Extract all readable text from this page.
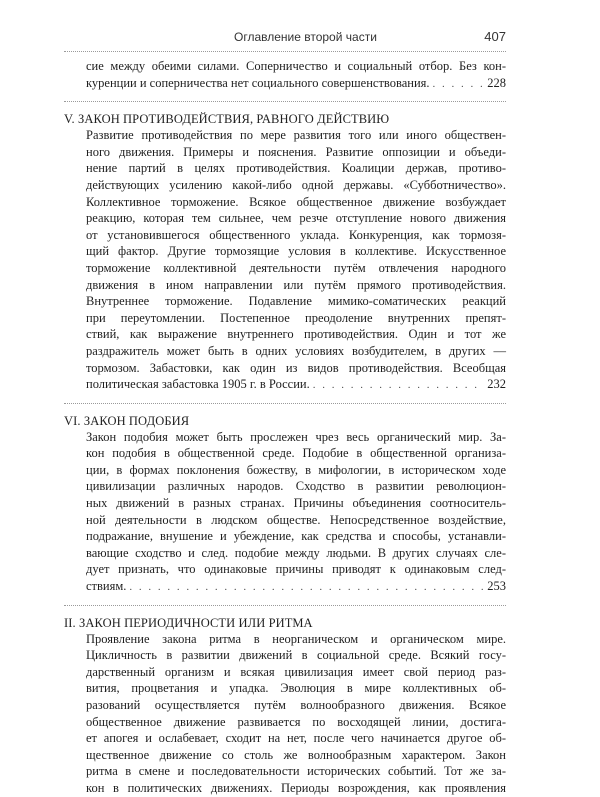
Оглавление второй части	407
сие между обеими силами. Соперничество и социальный отбор. Без кон-
куренции и соперничества нет социального совершенствования. . . .	228
V. ЗАКОН ПРОТИВОДЕЙСТВИЯ, РАВНОГО ДЕЙСТВИЮ
Развитие противодействия по мере развития того или иного обществен-
ного движения. Примеры и пояснения. Развитие оппозиции и объеди-
нение партий в целях противодействия. Коалиции держав, противо-
действующих усилению какой-либо одной державы. «Субботничество».
Коллективное торможение. Всякое общественное движение возбуждает
реакцию, которая тем сильнее, чем резче отступление нового движения
от установившегося общественного уклада. Конкуренция, как тормозя-
щий фактор. Другие тормозящие условия в коллективе. Искусственное
торможение коллективной деятельности путём отвлечения народного
движения в ином направлении или путём прямого противодействия.
Внутреннее торможение. Подавление мимико-соматических реакций
при переутомлении. Постепенное преодоление внутренних препят-
ствий, как выражение внутреннего противодействия. Один и тот же
раздражитель может быть в одних условиях возбудителем, в других —
тормозом. Забастовки, как один из видов противодействия. Всеобщая
политическая забастовка 1905 г. в России. . . .	232
VI. ЗАКОН ПОДОБИЯ
Закон подобия может быть прослежен чрез весь органический мир. За-
кон подобия в общественной среде. Подобие в общественной организа-
ции, в формах поклонения божеству, в мифологии, в историческом ходе
цивилизации различных народов. Сходство в развитии революцион-
ных движений в разных странах. Причины объединения соотноситель-
ной деятельности в людском обществе. Непосредственное воздействие,
подражание, внушение и убеждение, как средства и способы, устанавли-
вающие сходство и след. подобие между людьми. В других случаях сле-
дует признать, что одинаковые причины приводят к одинаковым след-
ствиям. . . .	253
II. ЗАКОН ПЕРИОДИЧНОСТИ ИЛИ РИТМА
Проявление закона ритма в неорганическом и органическом мире.
Цикличность в развитии движений в социальной среде. Всякий госу-
дарственный организм и всякая цивилизация имеет свой период раз-
вития, процветания и упадка. Эволюция в мире коллективных об-
разований осуществляется путём волнообразного движения. Всякое
общественное движение развивается по восходящей линии, достига-
ет апогея и ослабевает, сходит на нет, после чего начинается другое об-
щественное движение со столь же волнообразным характером. Закон
ритма в смене и последовательности исторических событий. Тот же за-
кон в политических движениях. Периоды возрождения, как проявления
